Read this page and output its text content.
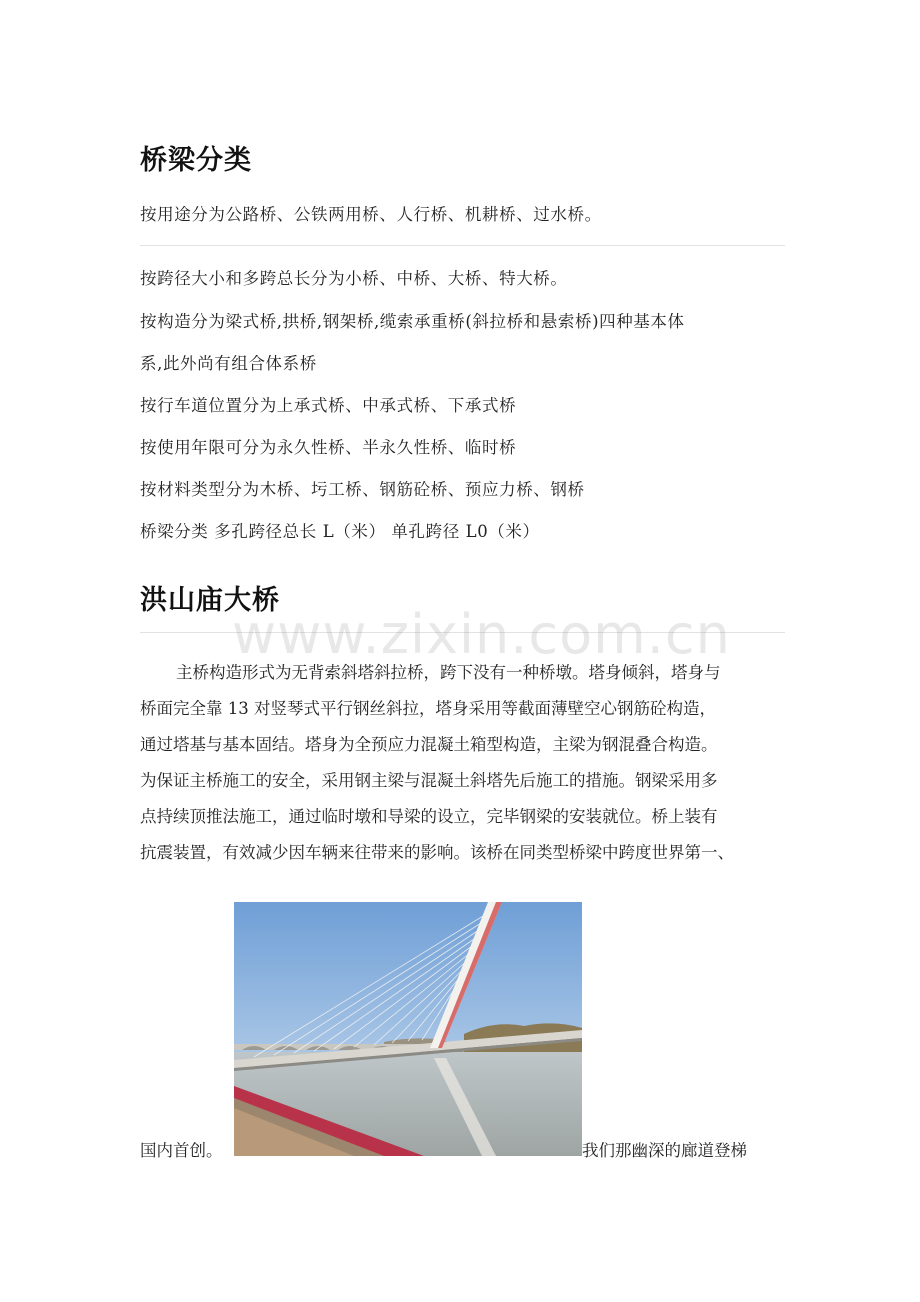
桥梁分类
按用途分为公路桥、公铁两用桥、人行桥、机耕桥、过水桥。
按跨径大小和多跨总长分为小桥、中桥、大桥、特大桥。
按构造分为梁式桥,拱桥,钢架桥,缆索承重桥(斜拉桥和悬索桥)四种基本体
系,此外尚有组合体系桥
按行车道位置分为上承式桥、中承式桥、下承式桥
按使用年限可分为永久性桥、半永久性桥、临时桥
按材料类型分为木桥、圬工桥、钢筋砼桥、预应力桥、钢桥
桥梁分类 多孔跨径总长 L（米） 单孔跨径 L0（米）
洪山庙大桥
主桥构造形式为无背索斜塔斜拉桥，跨下没有一种桥墩。塔身倾斜，塔身与
桥面完全靠 13 对竖琴式平行钢丝斜拉，塔身采用等截面薄壁空心钢筋砼构造，
通过塔基与基本固结。塔身为全预应力混凝土箱型构造，主梁为钢混叠合构造。
为保证主桥施工的安全，采用钢主梁与混凝土斜塔先后施工的措施。钢梁采用多
点持续顶推法施工，通过临时墩和导梁的设立，完毕钢梁的安装就位。桥上装有
抗震装置，有效减少因车辆来往带来的影响。该桥在同类型桥梁中跨度世界第一、
www.zixin.com.cn
国内首创。	我们那幽深的廊道登梯
